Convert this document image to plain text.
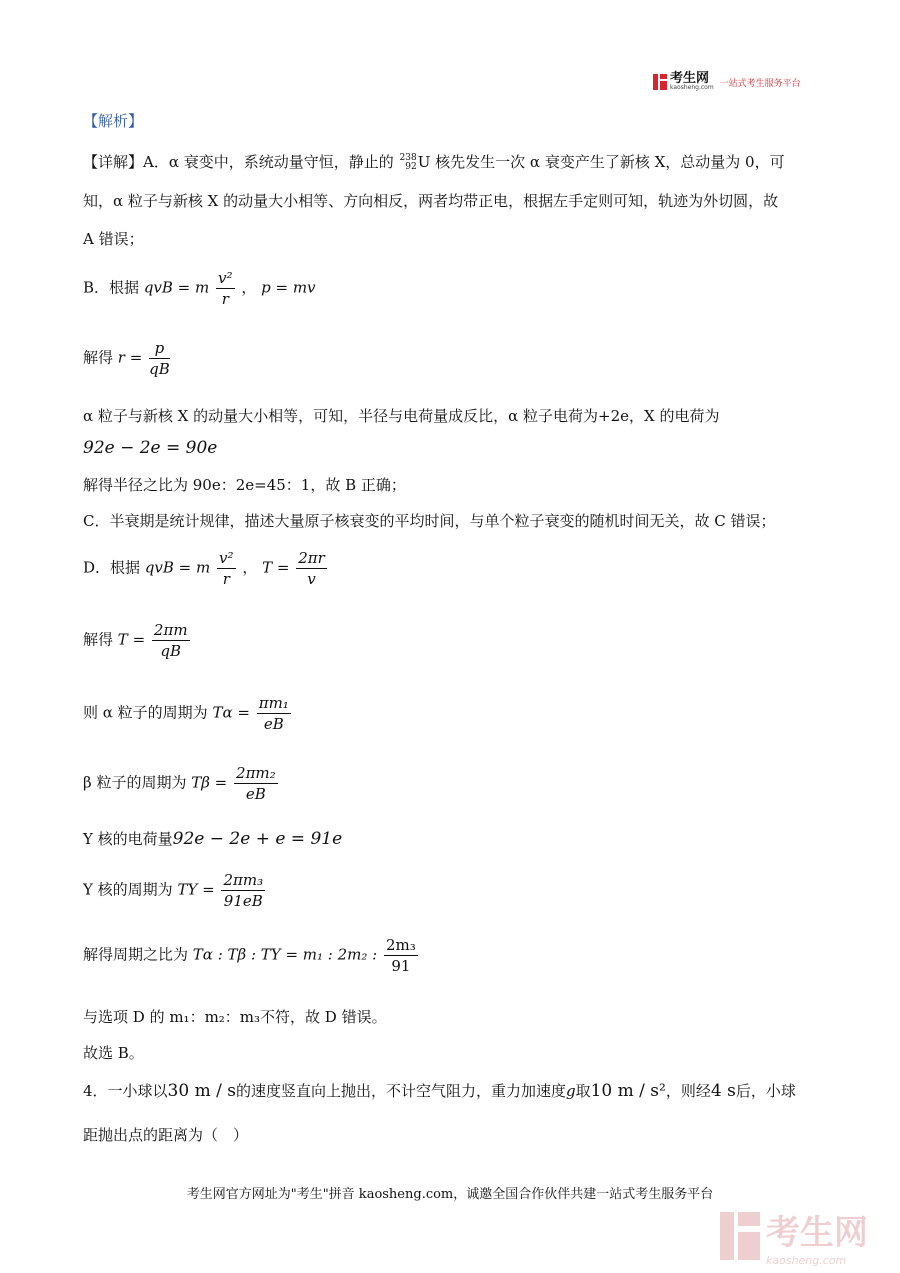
考生网
kaosheng.com 一站式考生服务平台
【解析】
【详解】A．α 衰变中，系统动量守恒，静止的 238
92 U 核先发生一次 α 衰变产生了新核 X，总动量为 0，可
知，α 粒子与新核 X 的动量大小相等、方向相反，两者均带正电，根据左手定则可知，轨迹为外切圆，故
A 错误；
B．根据 qvB = m $\frac{\text{v²}}{r}$ ， p = mv
解得 $r = \frac{p}{qB}$
α 粒子与新核 X 的动量大小相等，可知，半径与电荷量成反比，α 粒子电荷为+2e，X 的电荷为
92e − 2e = 90e
解得半径之比为 90e：2e=45：1，故 B 正确；
C．半衰期是统计规律，描述大量原子核衰变的平均时间，与单个粒子衰变的随机时间无关，故 C 错误；
D．根据 qvB = m $\frac{\text{v²}}{r}$ ， $T = \frac{2\pi r}{v}$
解得 $T = \frac{2\pi m}{qB}$
则 α 粒子的周期为 $T\alpha = \frac{\text{πm₁}}{eB}$
β 粒子的周期为 $T\beta = \frac{\text{2πm₂}}{eB}$
Y 核的电荷量92e − 2e + e = 91e
Y 核的周期为 TY = $\frac{\text{2πm₃}}{91eB}$
解得周期之比为 Tα : Tβ : TY = m₁ : 2m₂ : $\frac{\text{2m₃}}{91}$
与选项 D 的 m₁：m₂：m₃不符，故 D 错误。
故选 B。
4．一小球以30 m / s的速度竖直向上抛出，不计空气阻力，重力加速度g取10 m / s²，则经4 s后，小球
距抛出点的距离为（　）
考生网官方网址为"考生"拼音 kaosheng.com，诚邀全国合作伙伴共建一站式考生服务平台
考生网
kaosheng.com
